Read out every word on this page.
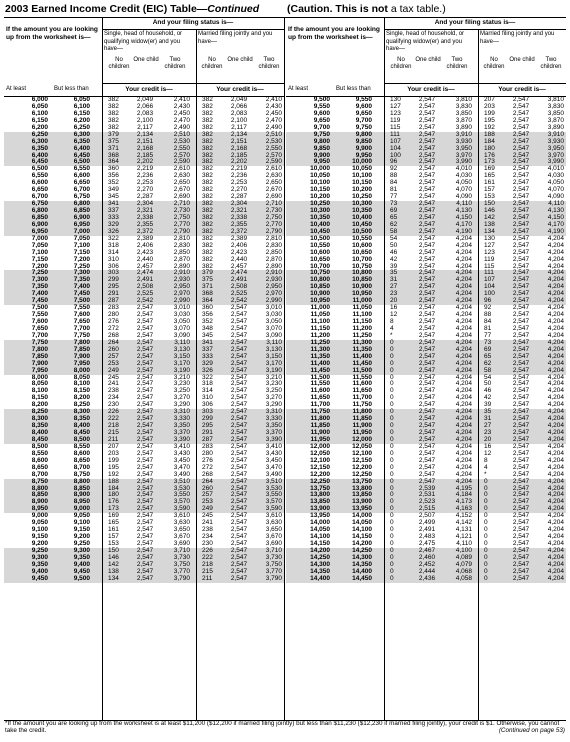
2003 Earned Income Credit (EIC) Table—Continued	(Caution. This is not a tax table.)
If the amount you are looking up from the worksheet is—
At least	But less than
And your filing status is—
Single, head of household, or qualifying widow(er) and you have—
Married filing jointly and you have—
No children
One child	Two children
No children
One child	Two children
Your credit is—	Your credit is—
6,000	6,050	382	2,049	2,410 382	2,049	2,410
6,050	6,100	382	2,066	2,430 382	2,066	2,430
6,100	6,150	382	2,083	2,450 382	2,083	2,450
6,150	6,200	382	2,100	2,470 382	2,100	2,470
6,200	6,250	382	2,117	2,490 382	2,117	2,490
6,250	6,300	379	2,134	2,510 382	2,134	2,510
6,300	6,350	375	2,151	2,530 382	2,151	2,530
6,350	6,400	371	2,168	2,550 382	2,168	2,550
6,400	6,450	368	2,185	2,570 382	2,185	2,570
6,450	6,500	364	2,202	2,590 382	2,202	2,590
6,500	6,550	360	2,219	2,610 382	2,219	2,610
6,550	6,600	356	2,236	2,630 382	2,236	2,630
6,600	6,650	352	2,253	2,650 382	2,253	2,650
6,650	6,700	349	2,270	2,670 382	2,270	2,670
6,700	6,750	345	2,287	2,690 382	2,287	2,690
6,750	6,800	341	2,304	2,710 382	2,304	2,710
6,800	6,850	337	2,321	2,730 382	2,321	2,730
6,850	6,900	333	2,338	2,750 382	2,338	2,750
6,900	6,950	329	2,355	2,770 382	2,355	2,770
6,950	7,000	326	2,372	2,790 382	2,372	2,790
7,000	7,050	322	2,389	2,810 382	2,389	2,810
7,050	7,100	318	2,406	2,830 382	2,406	2,830
7,100	7,150	314	2,423	2,850 382	2,423	2,850
7,150	7,200	310	2,440	2,870 382	2,440	2,870
7,200	7,250	306	2,457	2,890 382	2,457	2,890
7,250	7,300	303	2,474	2,910 379	2,474	2,910
7,300	7,350	299	2,491	2,930 375	2,491	2,930
7,350	7,400	295	2,508	2,950 371	2,508	2,950
7,400	7,450	291	2,525	2,970 368	2,525	2,970
7,450	7,500	287	2,542	2,990 364	2,542	2,990
7,500	7,550	283	2,547	3,010 360	2,547	3,010
7,550	7,600	280	2,547	3,030 356	2,547	3,030
7,600	7,650	276	2,547	3,050 352	2,547	3,050
7,650	7,700	272	2,547	3,070 348	2,547	3,070
7,700	7,750	268	2,547	3,090 345	2,547	3,090
7,750	7,800	264	2,547	3,110 341	2,547	3,110
7,800	7,850	260	2,547	3,130 337	2,547	3,130
7,850	7,900	257	2,547	3,150 333	2,547	3,150
7,900	7,950	253	2,547	3,170 329	2,547	3,170
7,950	8,000	249	2,547	3,190 326	2,547	3,190
8,000	8,050	245	2,547	3,210 322	2,547	3,210
8,050	8,100	241	2,547	3,230 318	2,547	3,230
8,100	8,150	238	2,547	3,250 314	2,547	3,250
8,150	8,200	234	2,547	3,270 310	2,547	3,270
8,200	8,250	230	2,547	3,290 306	2,547	3,290
8,250	8,300	226	2,547	3,310 303	2,547	3,310
8,300	8,350	222	2,547	3,330 299	2,547	3,330
8,350	8,400	218	2,547	3,350 295	2,547	3,350
8,400	8,450	215	2,547	3,370 291	2,547	3,370
8,450	8,500	211	2,547	3,390 287	2,547	3,390
8,500	8,550	207	2,547	3,410 283	2,547	3,410
8,550	8,600	203	2,547	3,430 280	2,547	3,430
8,600	8,650	199	2,547	3,450 276	2,547	3,450
8,650	8,700	195	2,547	3,470 272	2,547	3,470
8,700	8,750	192	2,547	3,490 268	2,547	3,490
8,750	8,800	188	2,547	3,510 264	2,547	3,510
8,800	8,850	184	2,547	3,530 260	2,547	3,530
8,850	8,900	180	2,547	3,550 257	2,547	3,550
8,900	8,950	176	2,547	3,570 253	2,547	3,570
8,950	9,000	173	2,547	3,590 249	2,547	3,590
9,000	9,050	169	2,547	3,610 245	2,547	3,610
9,050	9,100	165	2,547	3,630 241	2,547	3,630
9,100	9,150	161	2,547	3,650 238	2,547	3,650
9,150	9,200	157	2,547	3,670 234	2,547	3,670
9,200	9,250	153	2,547	3,690 230	2,547	3,690
9,250	9,300	150	2,547	3,710 226	2,547	3,710
9,300	9,350	146	2,547	3,730 222	2,547	3,730
9,350	9,400	142	2,547	3,750 218	2,547	3,750
9,400	9,450	138	2,547	3,770 215	2,547	3,770
9,450	9,500	134	2,547	3,790 211	2,547	3,790
If the amount you are looking up from the worksheet is—
At least	But less than
And your filing status is—
Single, head of household, or qualifying widow(er) and you have—
Married filing jointly and you have—
No children
One child	Two children
No children
One child	Two children
Your credit is—	Your credit is—
9,500	9,550	130	2,547	3,810 207	2,547	3,810
9,550	9,600	127	2,547	3,830 203	2,547	3,830
9,600	9,650	123	2,547	3,850 199	2,547	3,850
9,650	9,700	119	2,547	3,870 195	2,547	3,870
9,700	9,750	115	2,547	3,890 192	2,547	3,890
9,750	9,800	111	2,547	3,910 188	2,547	3,910
9,800	9,850	107	2,547	3,930 184	2,547	3,930
9,850	9,900	104	2,547	3,950 180	2,547	3,950
9,900	9,950	100	2,547	3,970 176	2,547	3,970
9,950	10,000	96	2,547	3,990 173	2,547	3,990
10,000	10,050	92	2,547	4,010 169	2,547	4,010
10,050	10,100	88	2,547	4,030 165	2,547	4,030
10,100	10,150	84	2,547	4,050 161	2,547	4,050
10,150	10,200	81	2,547	4,070 157	2,547	4,070
10,200	10,250	77	2,547	4,090 153	2,547	4,090
10,250	10,300	73	2,547	4,110 150	2,547	4,110
10,300	10,350	69	2,547	4,130 146	2,547	4,130
10,350	10,400	65	2,547	4,150 142	2,547	4,150
10,400	10,450	62	2,547	4,170 138	2,547	4,170
10,450	10,500	58	2,547	4,190 134	2,547	4,190
10,500	10,550	54	2,547	4,204 130	2,547	4,204
10,550	10,600	50	2,547	4,204 127	2,547	4,204
10,600	10,650	46	2,547	4,204 123	2,547	4,204
10,650	10,700	42	2,547	4,204 119	2,547	4,204
10,700	10,750	39	2,547	4,204 115	2,547	4,204
10,750	10,800	35	2,547	4,204 111	2,547	4,204
10,800	10,850	31	2,547	4,204 107	2,547	4,204
10,850	10,900	27	2,547	4,204 104	2,547	4,204
10,900	10,950	23	2,547	4,204 100	2,547	4,204
10,950	11,000	20	2,547	4,204 96	2,547	4,204
11,000	11,050	16	2,547	4,204 92	2,547	4,204
11,050	11,100	12	2,547	4,204 88	2,547	4,204
11,100	11,150	8	2,547	4,204 84	2,547	4,204
11,150	11,200	4	2,547	4,204 81	2,547	4,204
11,200	11,250	*	2,547	4,204 77	2,547	4,204
11,250	11,300	0	2,547	4,204 73	2,547	4,204
11,300	11,350	0	2,547	4,204 69	2,547	4,204
11,350	11,400	0	2,547	4,204 65	2,547	4,204
11,400	11,450	0	2,547	4,204 62	2,547	4,204
11,450	11,500	0	2,547	4,204 58	2,547	4,204
11,500	11,550	0	2,547	4,204 54	2,547	4,204
11,550	11,600	0	2,547	4,204 50	2,547	4,204
11,600	11,650	0	2,547	4,204 46	2,547	4,204
11,650	11,700	0	2,547	4,204 42	2,547	4,204
11,700	11,750	0	2,547	4,204 39	2,547	4,204
11,750	11,800	0	2,547	4,204 35	2,547	4,204
11,800	11,850	0	2,547	4,204 31	2,547	4,204
11,850	11,900	0	2,547	4,204 27	2,547	4,204
11,900	11,950	0	2,547	4,204 23	2,547	4,204
11,950	12,000	0	2,547	4,204 20	2,547	4,204
12,000	12,050	0	2,547	4,204 16	2,547	4,204
12,050	12,100	0	2,547	4,204 12	2,547	4,204
12,100	12,150	0	2,547	4,204 8	2,547	4,204
12,150	12,200	0	2,547	4,204 4	2,547	4,204
12,200	12,250	0	2,547	4,204 *	2,547	4,204
12,250	13,750	0	2,547	4,204 0	2,547	4,204
13,750	13,800	0	2,539	4,195 0	2,547	4,204
13,800	13,850	0	2,531	4,184 0	2,547	4,204
13,850	13,900	0	2,523	4,173 0	2,547	4,204
13,900	13,950	0	2,515	4,163 0	2,547	4,204
13,950	14,000	0	2,507	4,152 0	2,547	4,204
14,000	14,050	0	2,499	4,142 0	2,547	4,204
14,050	14,100	0	2,491	4,131 0	2,547	4,204
14,100	14,150	0	2,483	4,121 0	2,547	4,204
14,150	14,200	0	2,475	4,110 0	2,547	4,204
14,200	14,250	0	2,467	4,100 0	2,547	4,204
14,250	14,300	0	2,460	4,089 0	2,547	4,204
14,300	14,350	0	2,452	4,079 0	2,547	4,204
14,350	14,400	0	2,444	4,068 0	2,547	4,204
14,400	14,450	0	2,436	4,058 0	2,547	4,204
*If the amount you are looking up from the worksheet is at least $11,200 ($12,200 if married filing jointly) but less than $11,230 ($12,230 if married filing jointly), your credit is $1. Otherwise, you cannot take the credit.	(Continued on page 53)
